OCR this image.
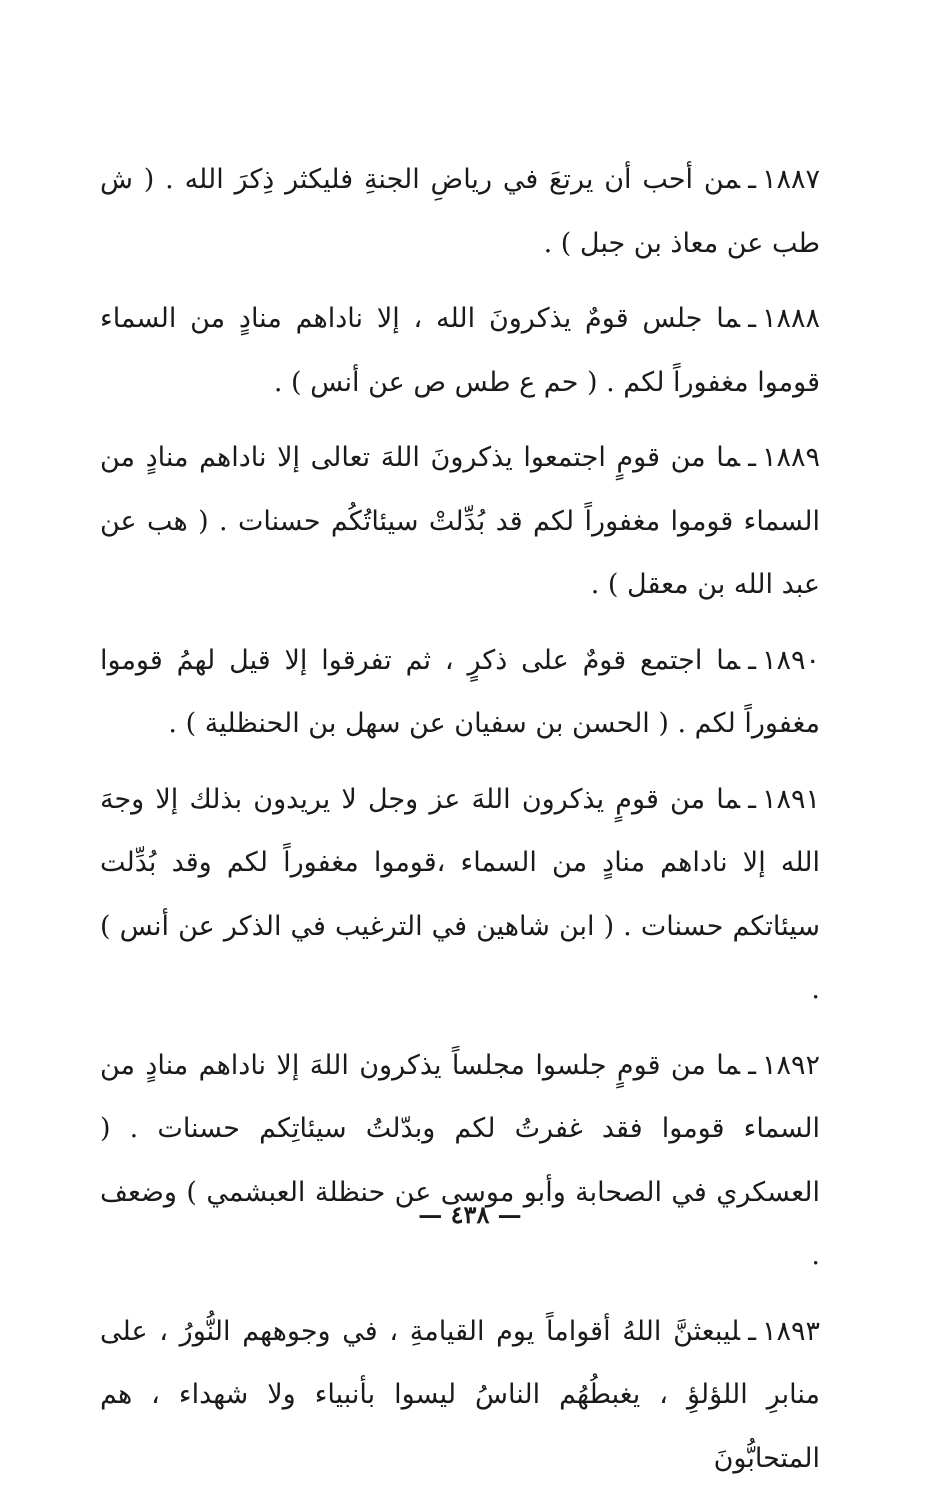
١٨٨٧ـمن أحب أن يرتعَ في رياضِ الجنةِ فليكثر ذِكرَ الله . ( ش طب عن معاذ بن جبل ) .

١٨٨٨ـما جلس قومٌ يذكرونَ الله ، إلا ناداهم منادٍ من السماء قوموا مغفوراً لكم . ( حم ع طس ص عن أنس ) .

١٨٨٩ـما من قومٍ اجتمعوا يذكرونَ اللهَ تعالى إلا ناداهم منادٍ من السماء قوموا مغفوراً لكم قد بُدِّلتْ سيئاتُكُم حسنات . ( هب عن عبد الله بن معقل ) .

١٨٩٠ـما اجتمع قومٌ على ذكرٍ ، ثم تفرقوا إلا قيل لهمُ قوموا مغفوراً لكم . ( الحسن بن سفيان عن سهل بن الحنظلية ) .

١٨٩١ـما من قومٍ يذكرون اللهَ عز وجل لا يريدون بذلك إلا وجهَ الله إلا ناداهم منادٍ من السماء ،قوموا مغفوراً لكم وقد بُدِّلت سيئاتكم حسنات . ( ابن شاهين في الترغيب في الذكر عن أنس ) .

١٨٩٢ـما من قومٍ جلسوا مجلساً يذكرون اللهَ إلا ناداهم منادٍ من السماء قوموا فقد غفرتُ لكم وبدّلتُ سيئاتِكم حسنات . ( العسكري في الصحابة وأبو موسى عن حنظلة العبشمي ) وضعف .

١٨٩٣ـليبعثنَّ اللهُ أقواماً يوم القيامةِ ، في وجوههم النُّورُ ، على منابرِ اللؤلؤِ ، يغبطُهُم الناسُ ليسوا بأنبياء ولا شهداء ، هم المتحابُّونَ

— ٤٣٨ —
